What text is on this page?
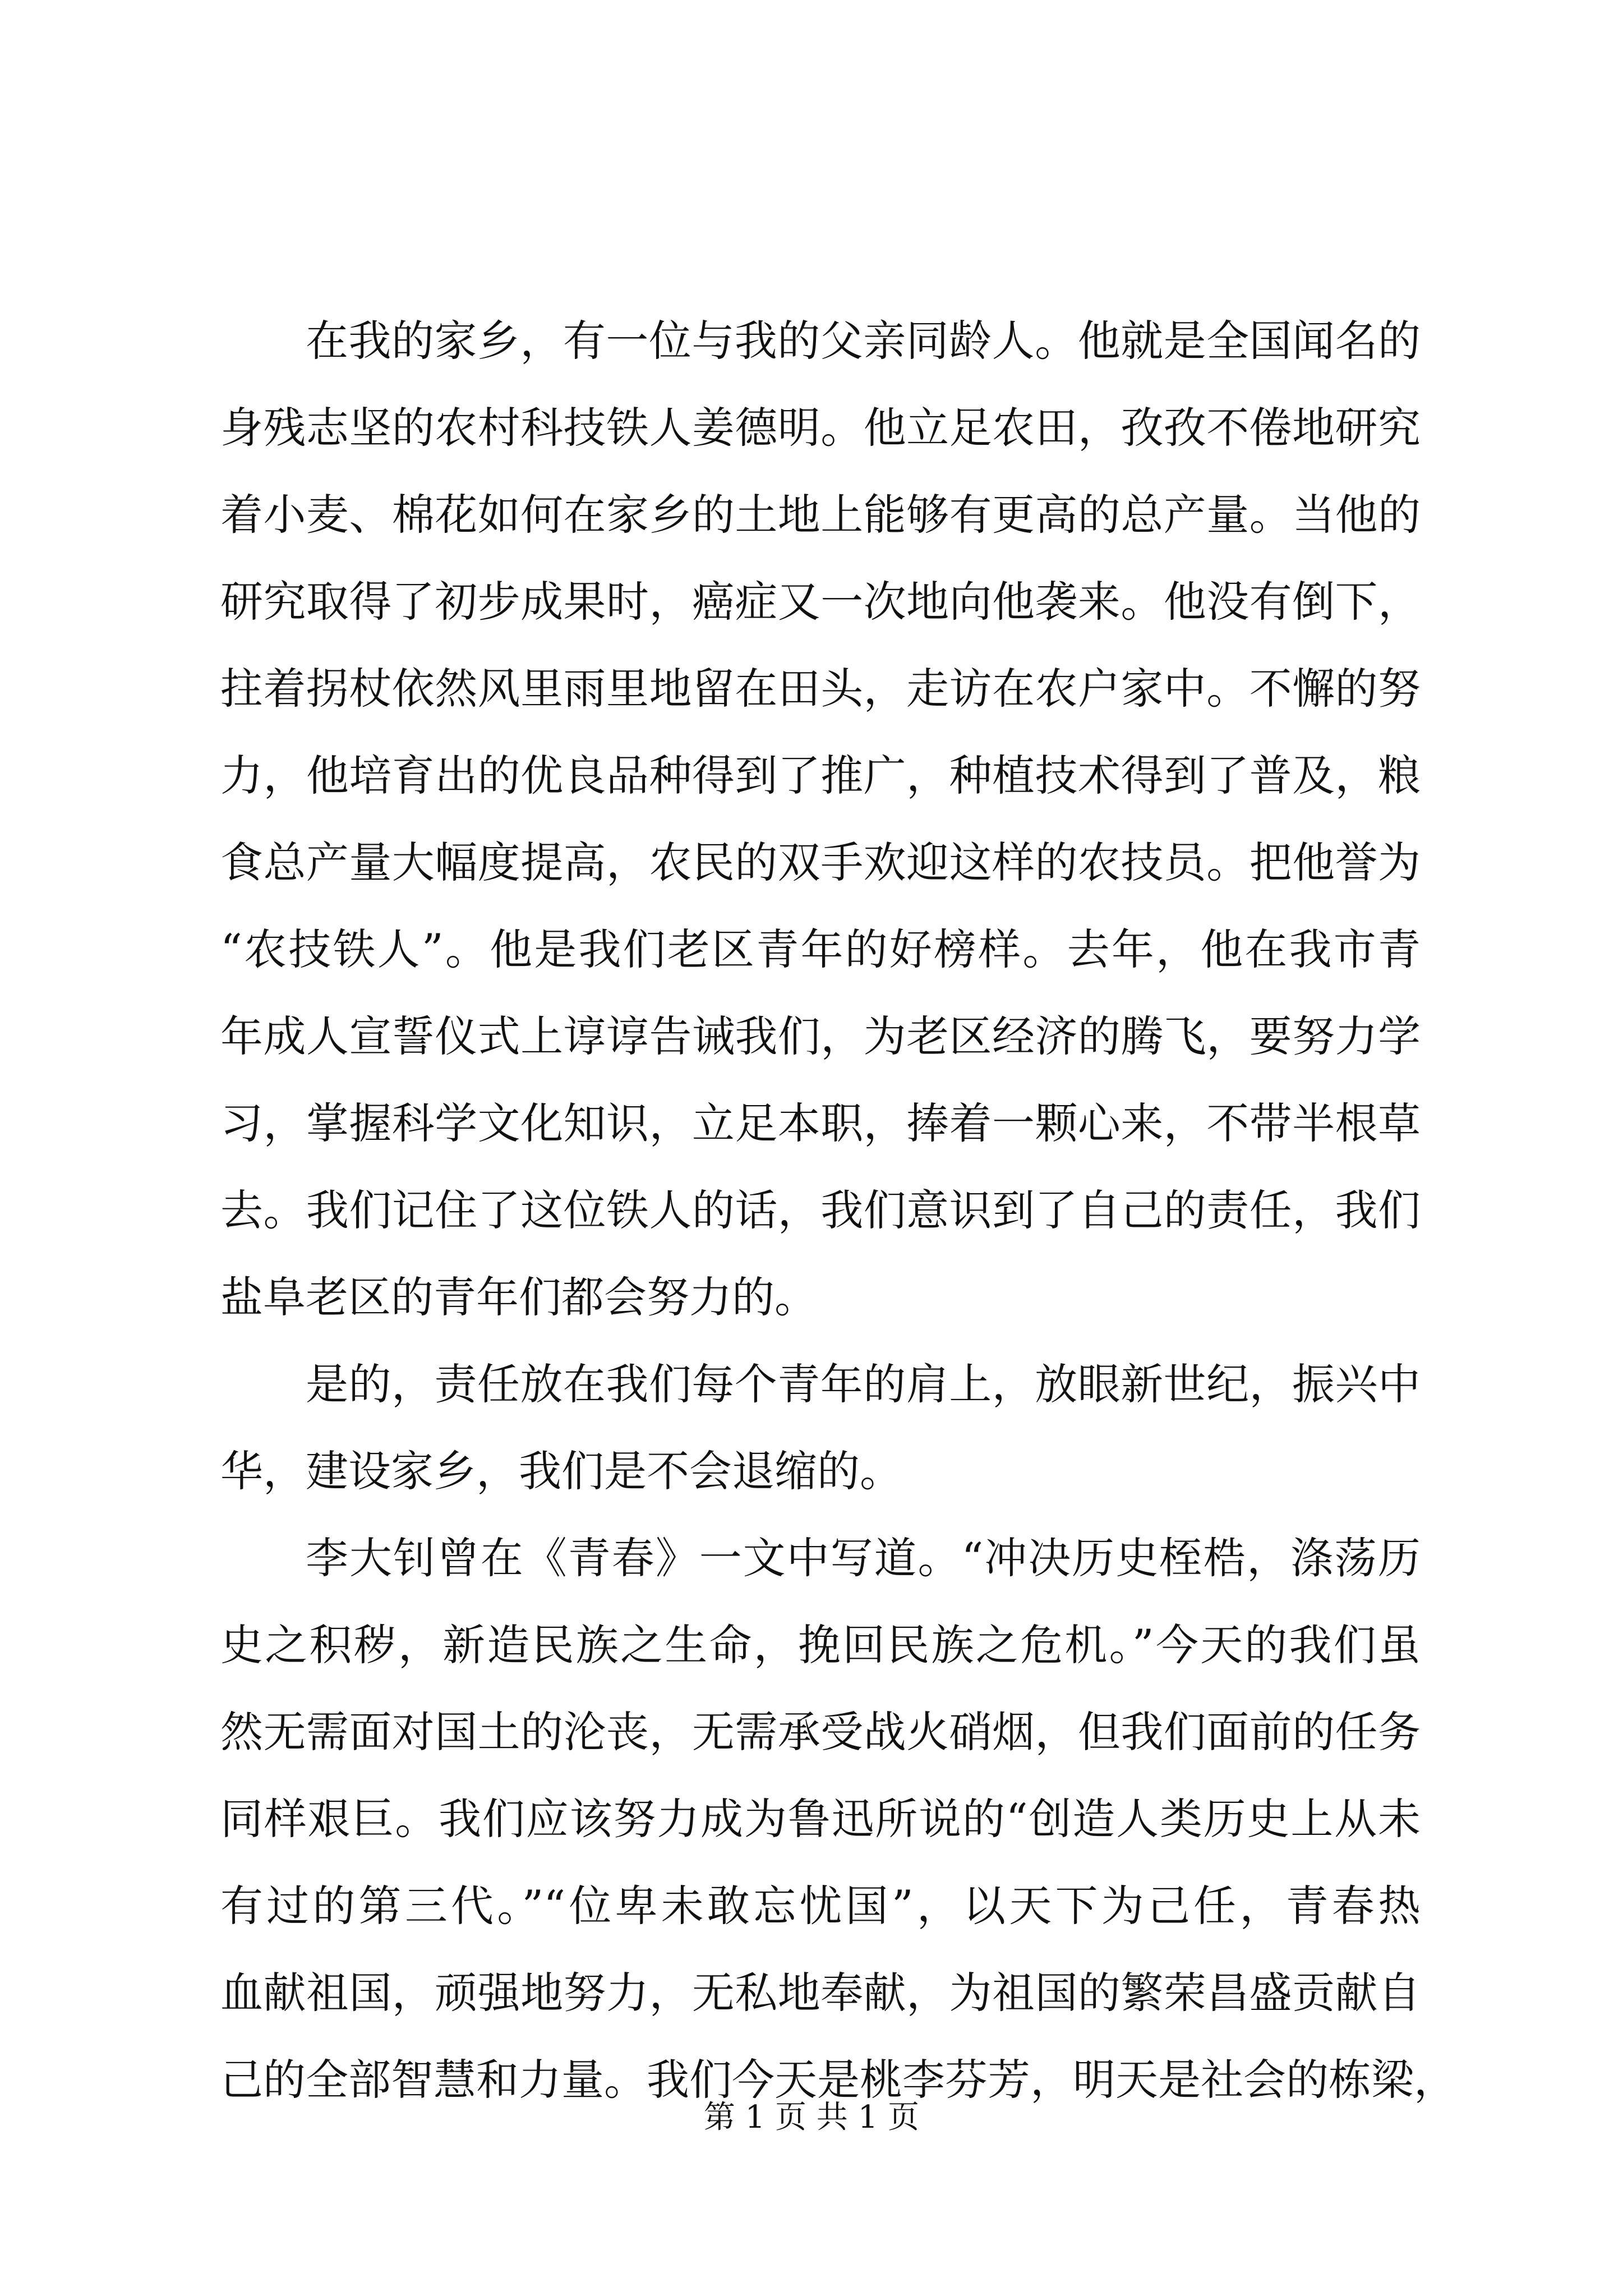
在我的家乡，有一位与我的父亲同龄人。他就是全国闻名的
身残志坚的农村科技铁人姜德明。他立足农田，孜孜不倦地研究
着小麦、棉花如何在家乡的土地上能够有更高的总产量。当他的
研究取得了初步成果时，癌症又一次地向他袭来。他没有倒下，
拄着拐杖依然风里雨里地留在田头，走访在农户家中。不懈的努
力，他培育出的优良品种得到了推广，种植技术得到了普及，粮
食总产量大幅度提高，农民的双手欢迎这样的农技员。把他誉为
“农技铁人”。他是我们老区青年的好榜样。去年，他在我市青
年成人宣誓仪式上谆谆告诫我们，为老区经济的腾飞，要努力学
习，掌握科学文化知识，立足本职，捧着一颗心来，不带半根草
去。我们记住了这位铁人的话，我们意识到了自己的责任，我们
盐阜老区的青年们都会努力的。
是的，责任放在我们每个青年的肩上，放眼新世纪，振兴中
华，建设家乡，我们是不会退缩的。
李大钊曾在《青春》一文中写道。“冲决历史桎梏，涤荡历
史之积秽，新造民族之生命，挽回民族之危机。”今天的我们虽
然无需面对国土的沦丧，无需承受战火硝烟，但我们面前的任务
同样艰巨。我们应该努力成为鲁迅所说的“创造人类历史上从未
有过的第三代。”“位卑未敢忘忧国”，以天下为己任，青春热
血献祖国，顽强地努力，无私地奉献，为祖国的繁荣昌盛贡献自
己的全部智慧和力量。我们今天是桃李芬芳，明天是社会的栋梁，
第 1 页 共 1 页
